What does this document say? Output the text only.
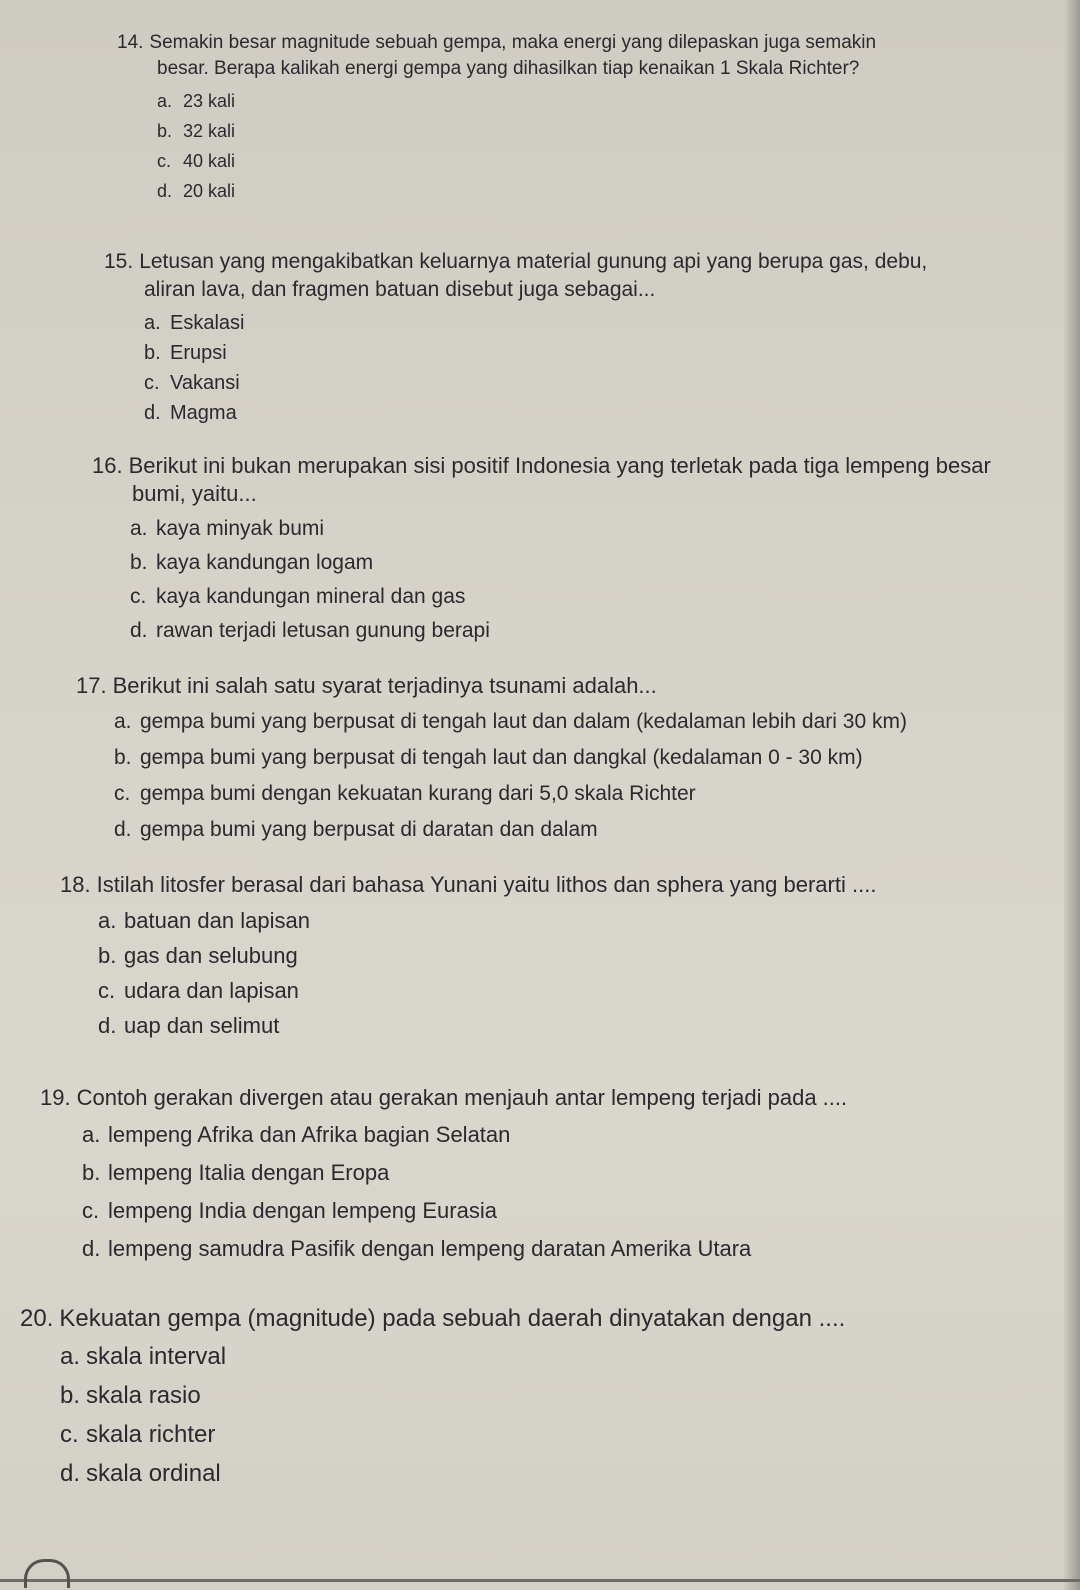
14. Semakin besar magnitude sebuah gempa, maka energi yang dilepaskan juga semakin
besar. Berapa kalikah energi gempa yang dihasilkan tiap kenaikan 1 Skala Richter?

a. 23 kali
b. 32 kali
c. 40 kali
d. 20 kali

15. Letusan yang mengakibatkan keluarnya material gunung api yang berupa gas, debu,
aliran lava, dan fragmen batuan disebut juga sebagai...

a. Eskalasi
b. Erupsi
c. Vakansi
d. Magma

16. Berikut ini bukan merupakan sisi positif Indonesia yang terletak pada tiga lempeng besar
bumi, yaitu...

a. kaya minyak bumi
b. kaya kandungan logam
c. kaya kandungan mineral dan gas
d. rawan terjadi letusan gunung berapi

17. Berikut ini salah satu syarat terjadinya tsunami adalah...

a. gempa bumi yang berpusat di tengah laut dan dalam (kedalaman lebih dari 30 km)
b. gempa bumi yang berpusat di tengah laut dan dangkal (kedalaman 0 - 30 km)
c. gempa bumi dengan kekuatan kurang dari 5,0 skala Richter
d. gempa bumi yang berpusat di daratan dan dalam

18. Istilah litosfer berasal dari bahasa Yunani yaitu lithos dan sphera yang berarti ....

a. batuan dan lapisan
b. gas dan selubung
c. udara dan lapisan
d. uap dan selimut

19. Contoh gerakan divergen atau gerakan menjauh antar lempeng terjadi pada ....

a. lempeng Afrika dan Afrika bagian Selatan
b. lempeng Italia dengan Eropa
c. lempeng India dengan lempeng Eurasia
d. lempeng samudra Pasifik dengan lempeng daratan Amerika Utara

20. Kekuatan gempa (magnitude) pada sebuah daerah dinyatakan dengan ....

a. skala interval
b. skala rasio
c. skala richter
d. skala ordinal
